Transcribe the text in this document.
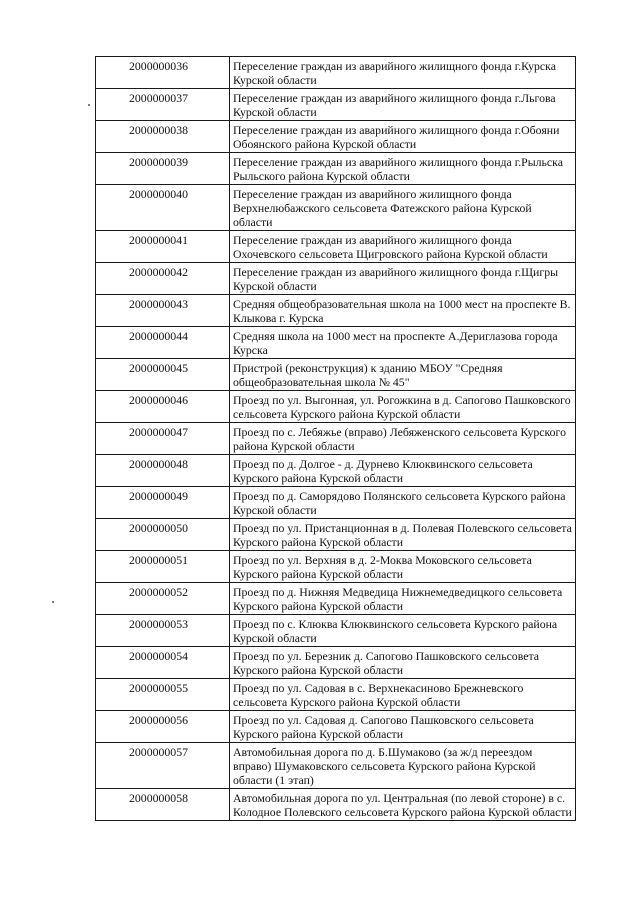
2000000036	Переселение граждан из аварийного жилищного фонда г.Курска Курской области
2000000037	Переселение граждан из аварийного жилищного фонда г.Льгова Курской области
2000000038	Переселение граждан из аварийного жилищного фонда г.Обояни Обоянского района Курской области
2000000039	Переселение граждан из аварийного жилищного фонда г.Рыльска Рыльского района Курской области
2000000040	Переселение граждан из аварийного жилищного фонда Верхнелюбажского сельсовета Фатежского района Курской области
2000000041	Переселение граждан из аварийного жилищного фонда Охочевского сельсовета Щигровского района Курской области
2000000042	Переселение граждан из аварийного жилищного фонда г.Щигры Курской области
2000000043	Средняя общеобразовательная школа на 1000 мест на проспекте В. Клыкова г. Курска
2000000044	Средняя школа на 1000 мест на проспекте А.Дериглазова города Курска
2000000045	Пристрой (реконструкция) к зданию МБОУ "Средняя общеобразовательная школа № 45"
2000000046	Проезд по ул. Выгонная, ул. Рогожкина в д. Сапогово Пашковского сельсовета Курского района Курской области
2000000047	Проезд по с. Лебяжье (вправо) Лебяженского сельсовета Курского района Курской области
2000000048	Проезд по д. Долгое - д. Дурнево Клюквинского сельсовета Курского района Курской области
2000000049	Проезд по д. Саморядово Полянского сельсовета Курского района Курской области
2000000050	Проезд по ул. Пристанционная в д. Полевая Полевского сельсовета Курского района Курской области
2000000051	Проезд по ул. Верхняя в д. 2-Моква Моковского сельсовета Курского района Курской области
2000000052	Проезд по д. Нижняя Медведица Нижнемедведицкого сельсовета Курского района Курской области
2000000053	Проезд по с. Клюква Клюквинского сельсовета Курского района Курской области
2000000054	Проезд по ул. Березник д. Сапогово Пашковского сельсовета Курского района Курской области
2000000055	Проезд по ул. Садовая в с. Верхнекасиново Брежневского сельсовета Курского района Курской области
2000000056	Проезд по ул. Садовая д. Сапогово Пашковского сельсовета Курского района Курской области
2000000057	Автомобильная дорога по д. Б.Шумаково (за ж/д переездом вправо) Шумаковского сельсовета Курского района Курской области (1 этап)
2000000058	Автомобильная дорога по ул. Центральная (по левой стороне) в с. Колодное Полевского сельсовета Курского района Курской области
